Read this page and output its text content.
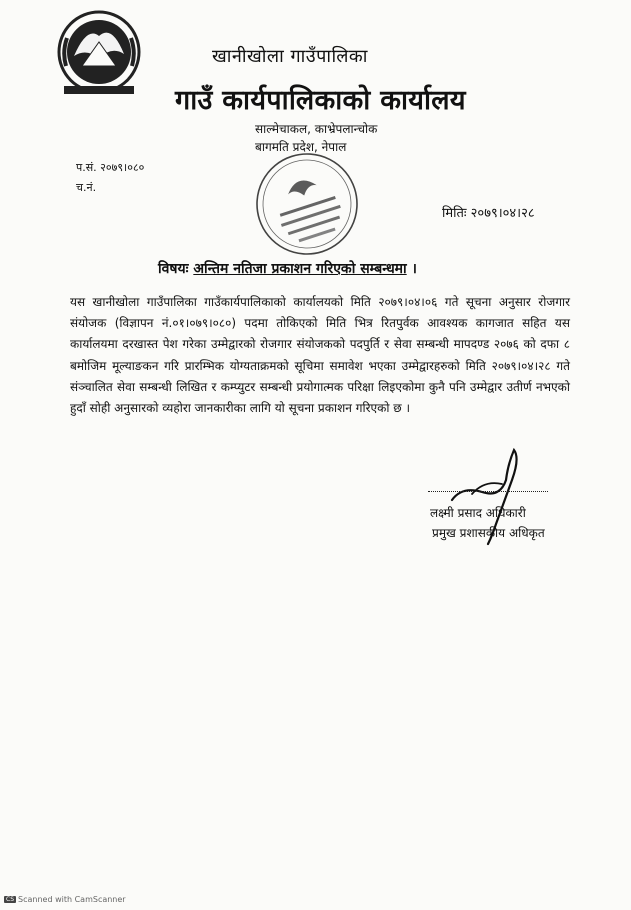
खानीखोला गाउँपालिका
गाउँ कार्यपालिकाको कार्यालय
साल्मेचाकल, काभ्रेपलान्चोक
बागमति प्रदेश, नेपाल
प.सं. २०७९।०८०
च.नं.
मितिः २०७९।०४।२८
विषयः अन्तिम नतिजा प्रकाशन गरिएको सम्बन्धमा ।
यस खानीखोला गाउँपालिका गाउँकार्यपालिकाको कार्यालयको मिति २०७९।०४।०६ गते सूचना अनुसार रोजगार संयोजक (विज्ञापन नं.०१।०७९।०८०) पदमा तोकिएको मिति भित्र रितपुर्वक आवश्यक कागजात सहित यस कार्यालयमा दरखास्त पेश गरेका उम्मेद्वारको रोजगार संयोजकको पदपुर्ति र सेवा सम्बन्धी मापदण्ड २०७६ को दफा ८ बमोजिम मूल्याङकन गरि प्रारम्भिक योग्यताक्रमको सूचिमा समावेश भएका उम्मेद्वारहरुको मिति २०७९।०४।२८ गते संञ्चालित सेवा सम्बन्धी लिखित र कम्प्युटर सम्बन्धी प्रयोगात्मक परिक्षा लिइएकोमा कुनै पनि उम्मेद्वार उतीर्ण नभएको हुदाँ सोही अनुसारको व्यहोरा जानकारीका लागि यो सूचना प्रकाशन गरिएको छ ।
लक्ष्मी प्रसाद अधिकारी
प्रमुख प्रशासकीय अधिकृत
CS Scanned with CamScanner
